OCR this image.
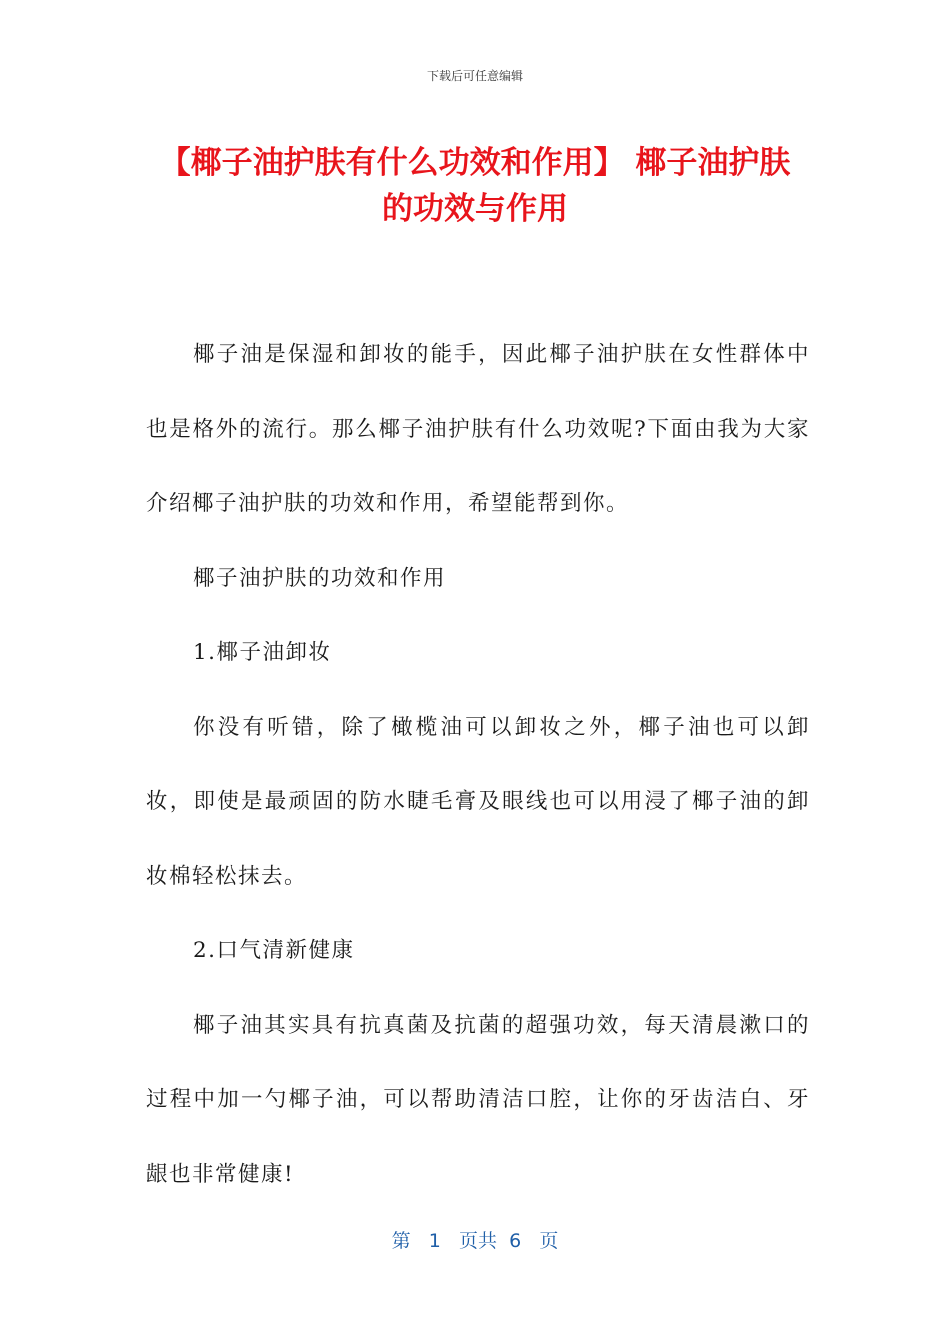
下载后可任意编辑
【椰子油护肤有什么功效和作用】 椰子油护肤的功效与作用

椰子油是保湿和卸妆的能手，因此椰子油护肤在女性群体中也是格外的流行。那么椰子油护肤有什么功效呢?下面由我为大家介绍椰子油护肤的功效和作用，希望能帮到你。

椰子油护肤的功效和作用

1.椰子油卸妆

你没有听错，除了橄榄油可以卸妆之外，椰子油也可以卸妆，即使是最顽固的防水睫毛膏及眼线也可以用浸了椰子油的卸妆棉轻松抹去。

2.口气清新健康

椰子油其实具有抗真菌及抗菌的超强功效，每天清晨漱口的过程中加一勺椰子油，可以帮助清洁口腔，让你的牙齿洁白、牙龈也非常健康!

第 1 页共 6 页
